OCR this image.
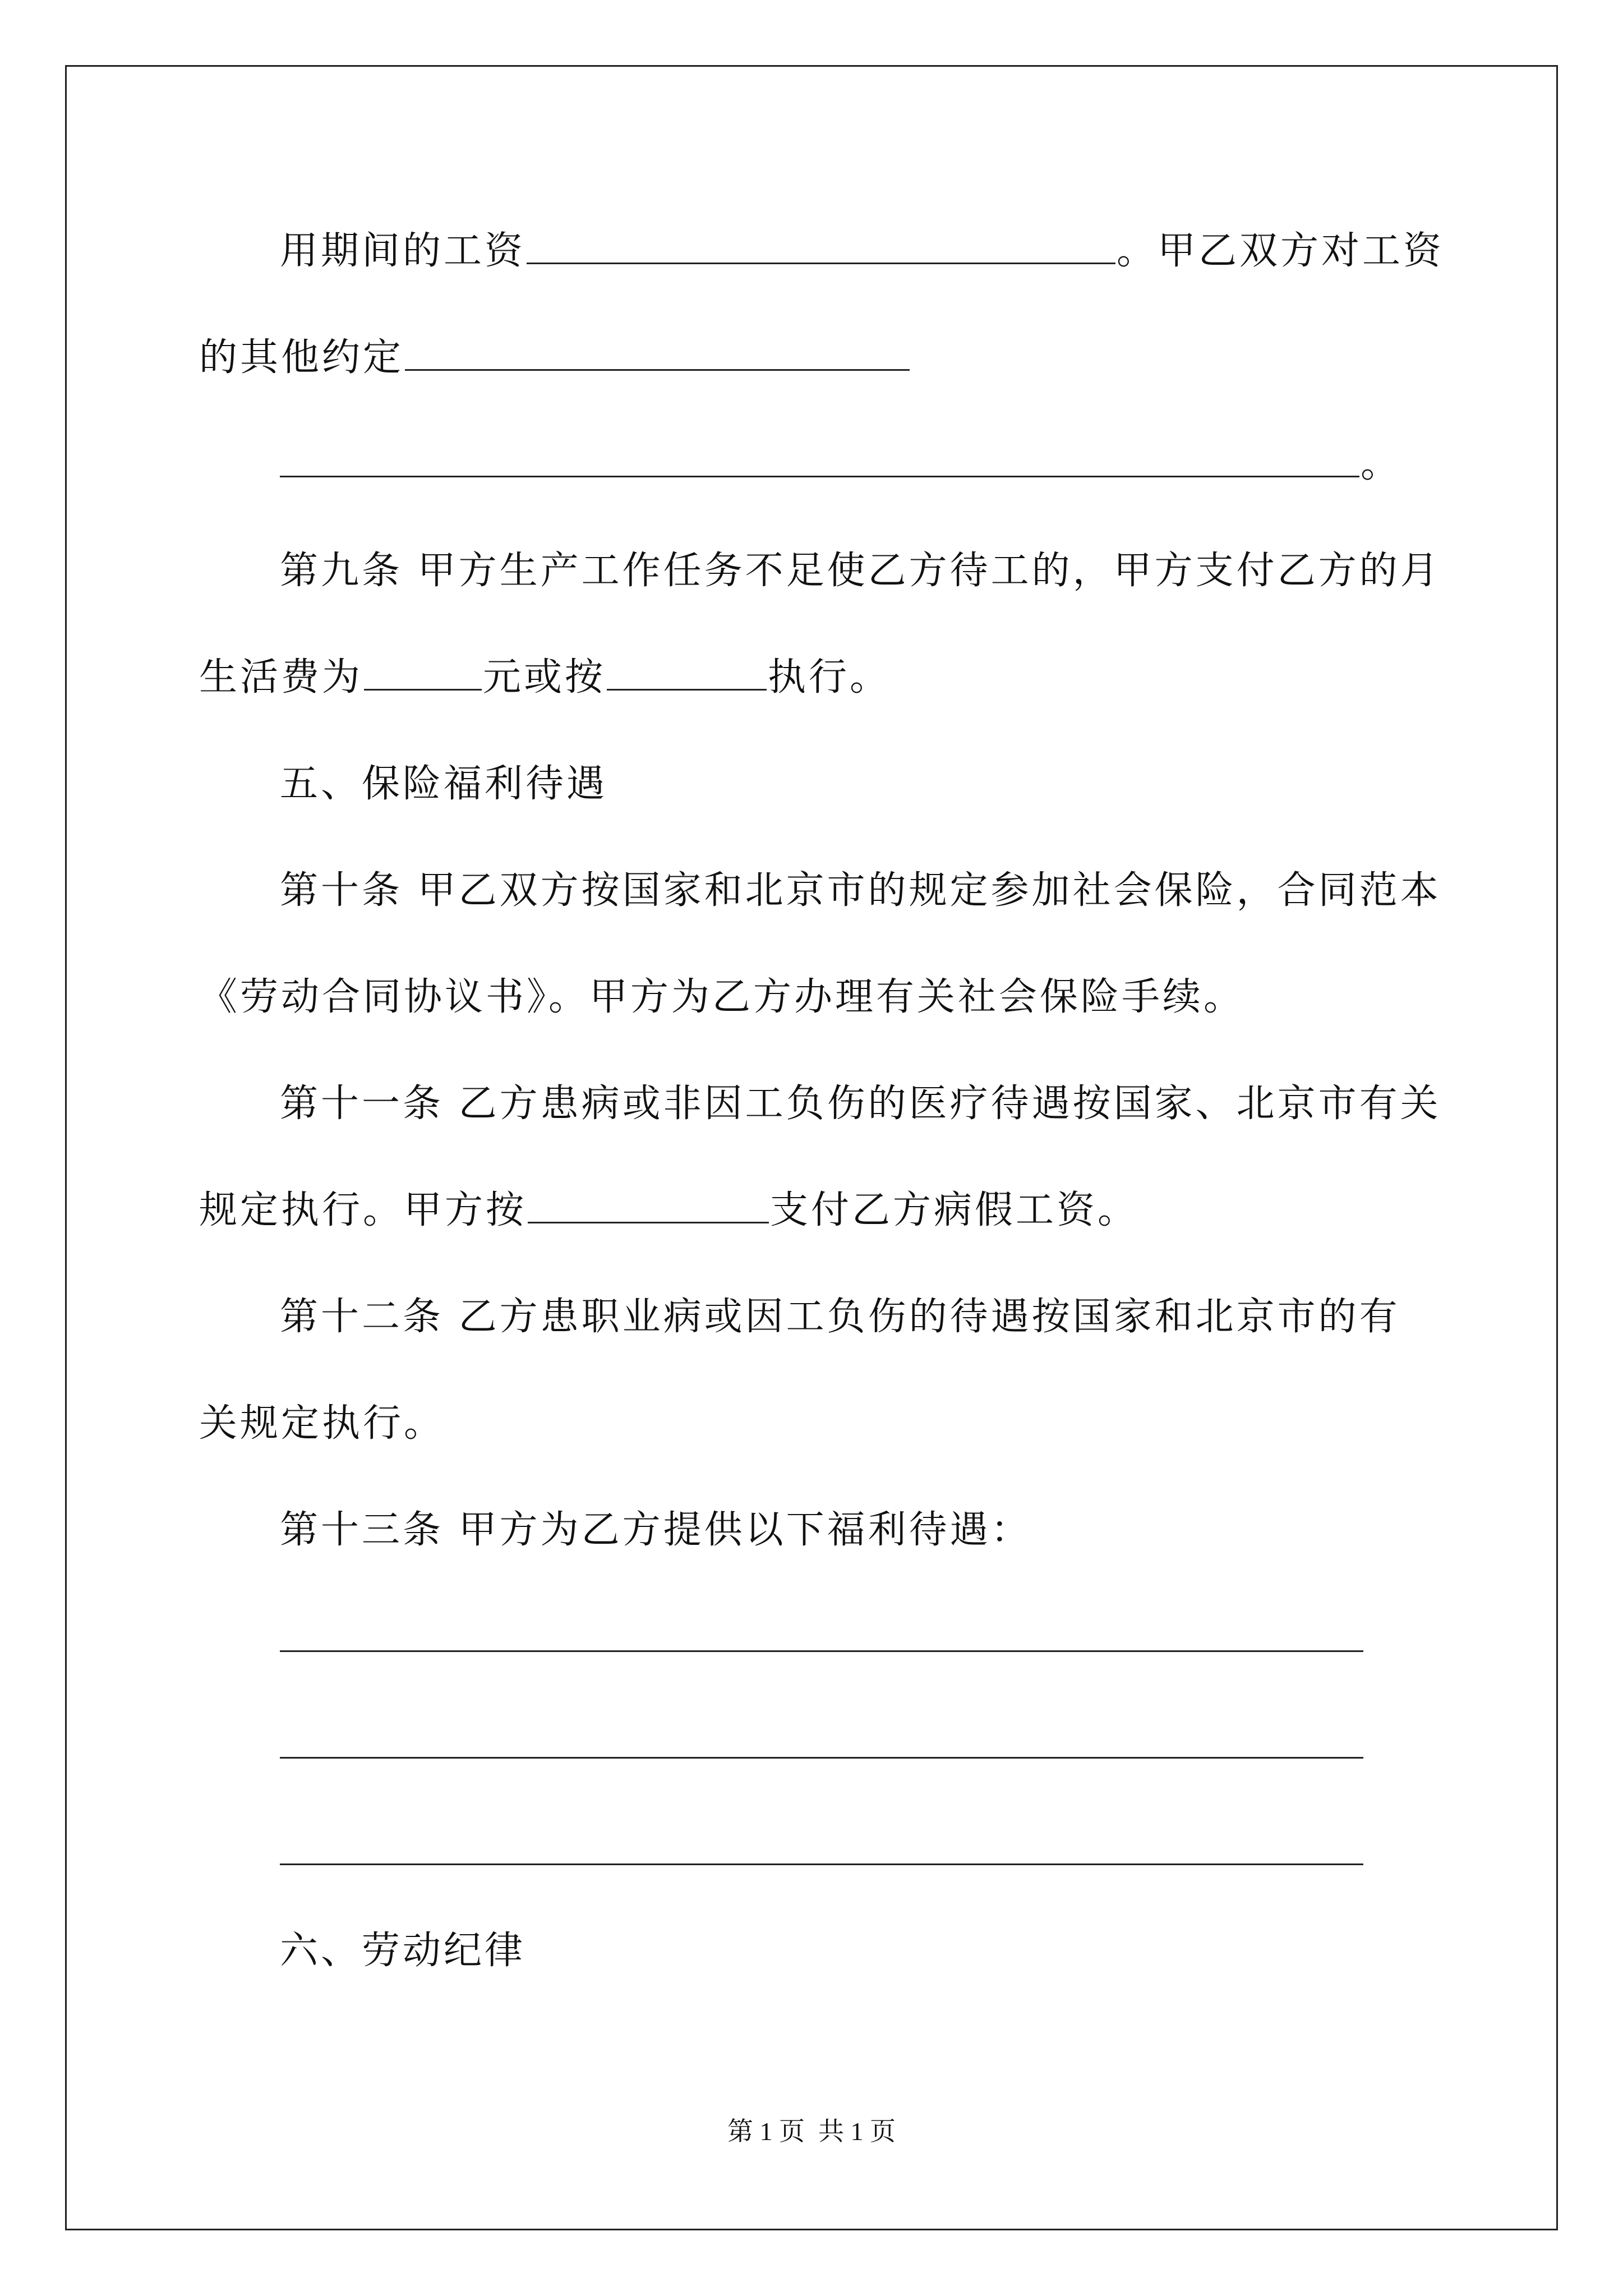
用期间的工资	。甲乙双方对工资
的其他约定
。
第九条 甲方生产工作任务不足使乙方待工的，甲方支付乙方的月
生活费为	元或按	执行。
五、保险福利待遇
第十条 甲乙双方按国家和北京市的规定参加社会保险，合同范本
《劳动合同协议书》。甲方为乙方办理有关社会保险手续。
第十一条 乙方患病或非因工负伤的医疗待遇按国家、北京市有关
规定执行。甲方按	支付乙方病假工资。
第十二条 乙方患职业病或因工负伤的待遇按国家和北京市的有
关规定执行。
第十三条 甲方为乙方提供以下福利待遇：
六、劳动纪律
第 1 页 共 1 页
